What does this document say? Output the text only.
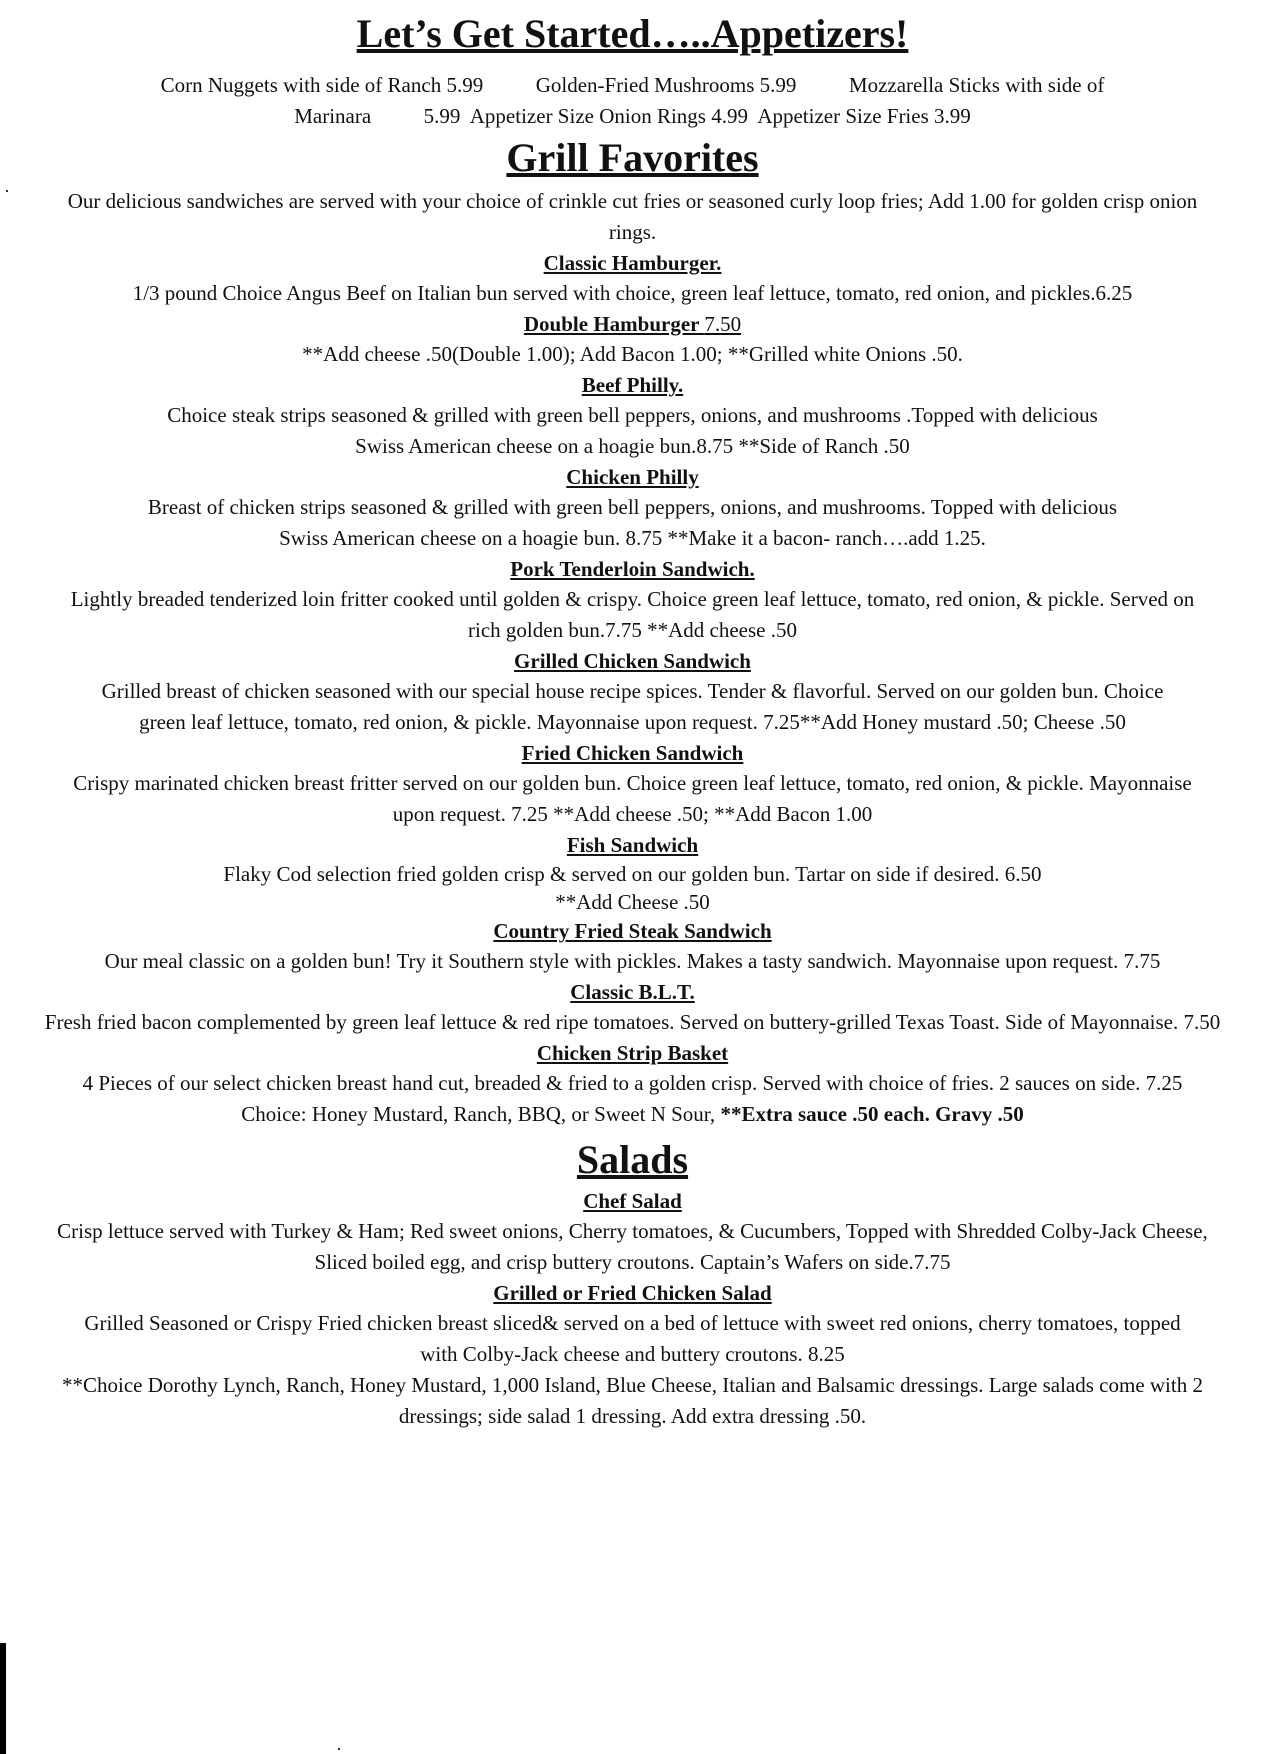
Let’s Get Started…..Appetizers!

Corn Nuggets with side of Ranch 5.99          Golden-Fried Mushrooms 5.99          Mozzarella Sticks with side of

Marinara          5.99  Appetizer Size Onion Rings 4.99  Appetizer Size Fries 3.99

Grill Favorites

Our delicious sandwiches are served with your choice of crinkle cut fries or seasoned curly loop fries; Add 1.00 for golden crisp onion rings.

Classic Hamburger.

1/3 pound Choice Angus Beef on Italian bun served with choice, green leaf lettuce, tomato, red onion, and pickles.6.25

Double Hamburger 7.50

**Add cheese .50(Double 1.00); Add Bacon 1.00; **Grilled white Onions .50.

Beef Philly.

Choice steak strips seasoned & grilled with green bell peppers, onions, and mushrooms .Topped with delicious Swiss American cheese on a hoagie bun.8.75 **Side of Ranch .50

Chicken Philly

Breast of chicken strips seasoned & grilled with green bell peppers, onions, and mushrooms. Topped with delicious Swiss American cheese on a hoagie bun. 8.75 **Make it a bacon- ranch….add 1.25.

Pork Tenderloin Sandwich.

Lightly breaded tenderized loin fritter cooked until golden & crispy. Choice green leaf lettuce, tomato, red onion, & pickle. Served on rich golden bun.7.75 **Add cheese .50

Grilled Chicken Sandwich

Grilled breast of chicken seasoned with our special house recipe spices. Tender & flavorful. Served on our golden bun. Choice green leaf lettuce, tomato, red onion, & pickle. Mayonnaise upon request. 7.25**Add Honey mustard .50; Cheese .50

Fried Chicken Sandwich

Crispy marinated chicken breast fritter served on our golden bun. Choice green leaf lettuce, tomato, red onion, & pickle. Mayonnaise upon request. 7.25 **Add cheese .50; **Add Bacon 1.00

Fish Sandwich

Flaky Cod selection fried golden crisp & served on our golden bun. Tartar on side if desired. 6.50

**Add Cheese .50

Country Fried Steak Sandwich

Our meal classic on a golden bun! Try it Southern style with pickles. Makes a tasty sandwich. Mayonnaise upon request. 7.75

Classic B.L.T.

Fresh fried bacon complemented by green leaf lettuce & red ripe tomatoes. Served on buttery-grilled Texas Toast. Side of Mayonnaise. 7.50

Chicken Strip Basket

4 Pieces of our select chicken breast hand cut, breaded & fried to a golden crisp. Served with choice of fries. 2 sauces on side. 7.25 Choice: Honey Mustard, Ranch, BBQ, or Sweet N Sour, **Extra sauce .50 each. Gravy .50

Salads

Chef Salad

Crisp lettuce served with Turkey & Ham; Red sweet onions, Cherry tomatoes, & Cucumbers, Topped with Shredded Colby-Jack Cheese, Sliced boiled egg, and crisp buttery croutons. Captain’s Wafers on side.7.75

Grilled or Fried Chicken Salad

Grilled Seasoned or Crispy Fried chicken breast sliced& served on a bed of lettuce with sweet red onions, cherry tomatoes, topped with Colby-Jack cheese and buttery croutons. 8.25

**Choice Dorothy Lynch, Ranch, Honey Mustard, 1,000 Island, Blue Cheese, Italian and Balsamic dressings. Large salads come with 2 dressings; side salad 1 dressing. Add extra dressing .50.
